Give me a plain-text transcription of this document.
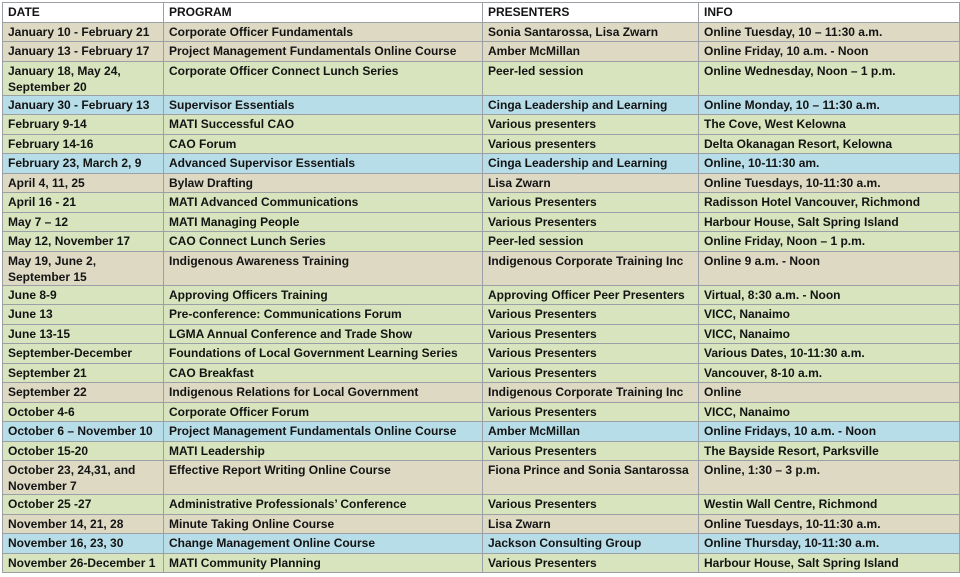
DATE	PROGRAM	PRESENTERS	INFO
January 10 - February 21	Corporate Officer Fundamentals	Sonia Santarossa, Lisa Zwarn	Online Tuesday, 10 – 11:30 a.m.
January 13 - February 17	Project Management Fundamentals Online Course	Amber McMillan	Online Friday, 10 a.m. - Noon
January 18, May 24, September 20	Corporate Officer Connect Lunch Series	Peer-led session	Online Wednesday, Noon – 1 p.m.
January 30 - February 13	Supervisor Essentials	Cinga Leadership and Learning	Online Monday, 10 – 11:30 a.m.
February 9-14	MATI Successful CAO	Various presenters	The Cove, West Kelowna
February 14-16	CAO Forum	Various presenters	Delta Okanagan Resort, Kelowna
February 23, March 2, 9	Advanced Supervisor Essentials	Cinga Leadership and Learning	Online, 10-11:30 am.
April 4, 11, 25	Bylaw Drafting	Lisa Zwarn	Online Tuesdays, 10-11:30 a.m.
April 16 - 21	MATI Advanced Communications	Various Presenters	Radisson Hotel Vancouver, Richmond
May 7 – 12	MATI Managing People	Various Presenters	Harbour House, Salt Spring Island
May 12, November 17	CAO Connect Lunch Series	Peer-led session	Online Friday, Noon – 1 p.m.
May 19, June 2, September 15	Indigenous Awareness Training	Indigenous Corporate Training Inc	Online 9 a.m. - Noon
June 8-9	Approving Officers Training	Approving Officer Peer Presenters	Virtual, 8:30 a.m. - Noon
June 13	Pre-conference: Communications Forum	Various Presenters	VICC, Nanaimo
June 13-15	LGMA Annual Conference and Trade Show	Various Presenters	VICC, Nanaimo
September-December	Foundations of Local Government Learning Series	Various Presenters	Various Dates, 10-11:30 a.m.
September 21	CAO Breakfast	Various Presenters	Vancouver, 8-10 a.m.
September 22	Indigenous Relations for Local Government	Indigenous Corporate Training Inc	Online
October 4-6	Corporate Officer Forum	Various Presenters	VICC, Nanaimo
October 6 – November 10	Project Management Fundamentals Online Course	Amber McMillan	Online Fridays, 10 a.m. - Noon
October 15-20	MATI Leadership	Various Presenters	The Bayside Resort, Parksville
October 23, 24,31, and November 7	Effective Report Writing Online Course	Fiona Prince and Sonia Santarossa	Online, 1:30 – 3 p.m.
October 25 -27	Administrative Professionals’ Conference	Various Presenters	Westin Wall Centre, Richmond
November 14, 21, 28	Minute Taking Online Course	Lisa Zwarn	Online Tuesdays, 10-11:30 a.m.
November 16, 23, 30	Change Management Online Course	Jackson Consulting Group	Online Thursday, 10-11:30 a.m.
November 26-December 1	MATI Community Planning	Various Presenters	Harbour House, Salt Spring Island
